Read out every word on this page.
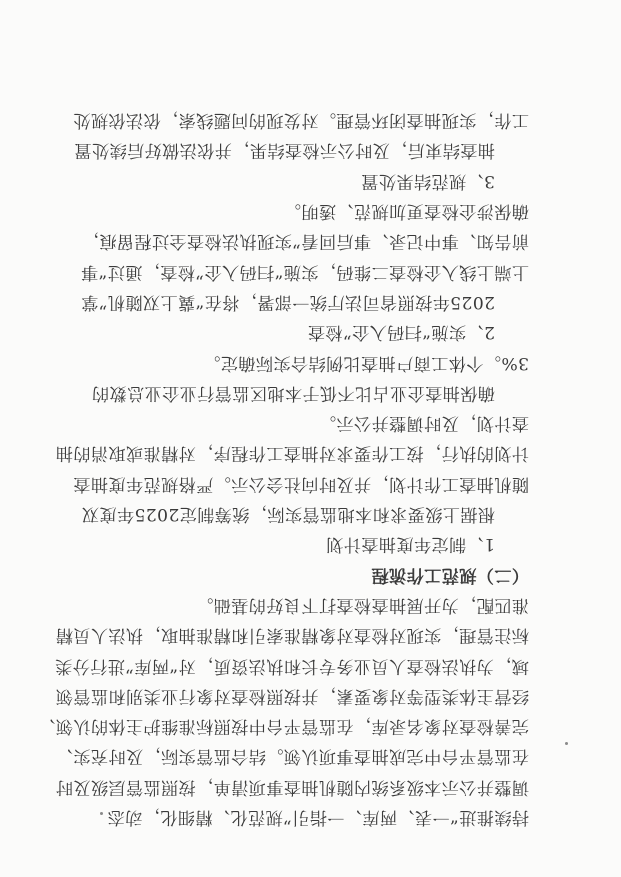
持续推进“一表、两库、一指引”规范化、精细化，动态
调整并公示本级系统内随机抽查事项清单，按照监管层级及时
在监管平台中完成抽查事项认领。结合监管实际，及时充实、
完善检查对象名录库，在监管平台中按照标准维护主体的认领、
经营主体类型等对象要素，并按照检查对象行业类别和监管领
域，为执法检查人员业务专长和执法资质，对“两库”进行分类
标注管理，实现对检查对象精准索引和精准抽取，执法人员精
准匹配，为开展抽查检查打下良好的基础。
（二）规范工作流程
1、制定年度抽查计划
根据上级要求和本地监管实际，统筹制定2025年度双
随机抽查工作计划，并及时向社会公示。严格规范年度抽查
计划的执行，按工作要求对抽查工作程序，对精准或取消的抽
查计划，及时调整并公示。
确保抽查企业占比不低于本地区监管行业企业总数的
3%。个体工商户抽查比例结合实际确定。
2、实施“扫码入企”检查
2025年按照省司法厅统一部署，将在“冀上双随机”掌
上端上线入企检查二维码，实施“扫码入企”检查，通过“事
前告知、事中记录、事后回看”实现执法检查全过程留痕，
确保涉企检查更加规范、透明。
3、规范结果处置
抽查结束后，及时公示检查结果，并依法做好后续处置
工作，实现抽查闭环管理。对发现的问题线索，依法依规处
